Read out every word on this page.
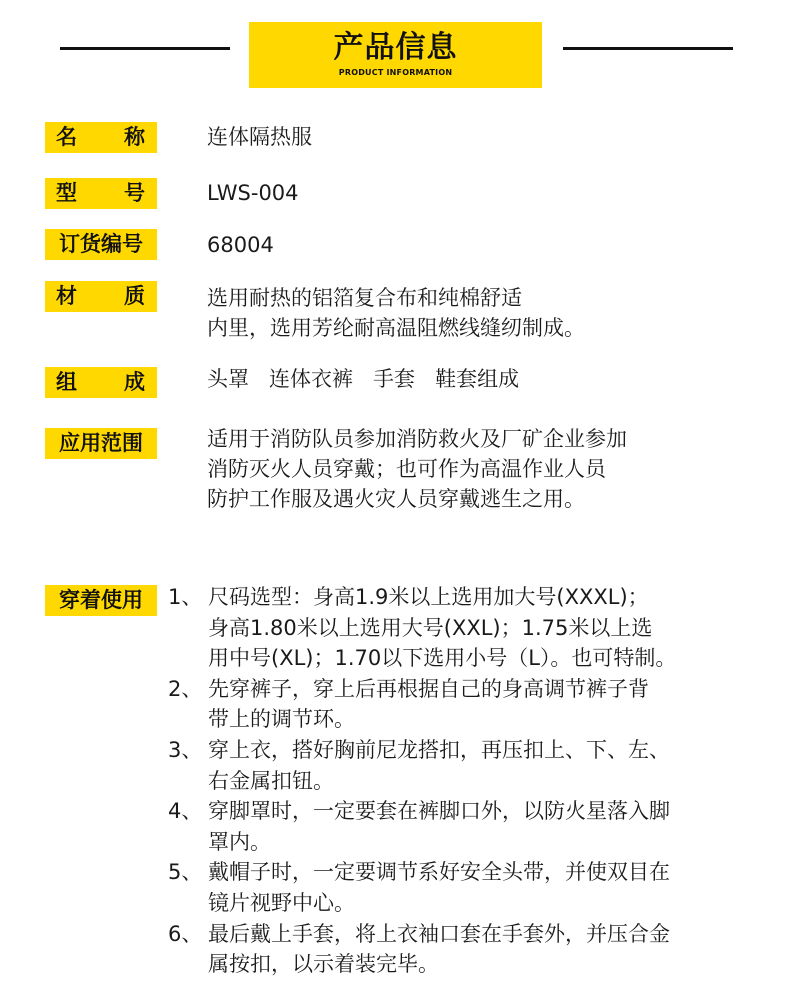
产品信息
PRODUCT INFORMATION
名 称	连体隔热服
型 号	LWS-004
订货编号	68004
材 质	选用耐热的铝箔复合布和纯棉舒适
内里，选用芳纶耐高温阻燃线缝纫制成。
组 成	头罩   连体衣裤   手套   鞋套组成
应用范围	适用于消防队员参加消防救火及厂矿企业参加
消防灭火人员穿戴；也可作为高温作业人员
防护工作服及遇火灾人员穿戴逃生之用。
穿着使用	1、 尺码选型：身高1.9米以上选用加大号(XXXL)；
身高1.80米以上选用大号(XXL)；1.75米以上选
用中号(XL)；1.70以下选用小号（L）。也可特制。
2、 先穿裤子，穿上后再根据自己的身高调节裤子背
带上的调节环。
3、 穿上衣，搭好胸前尼龙搭扣，再压扣上、下、左、
右金属扣钮。
4、 穿脚罩时，一定要套在裤脚口外，以防火星落入脚
罩内。
5、 戴帽子时，一定要调节系好安全头带，并使双目在
镜片视野中心。
6、 最后戴上手套，将上衣袖口套在手套外，并压合金
属按扣，以示着装完毕。
